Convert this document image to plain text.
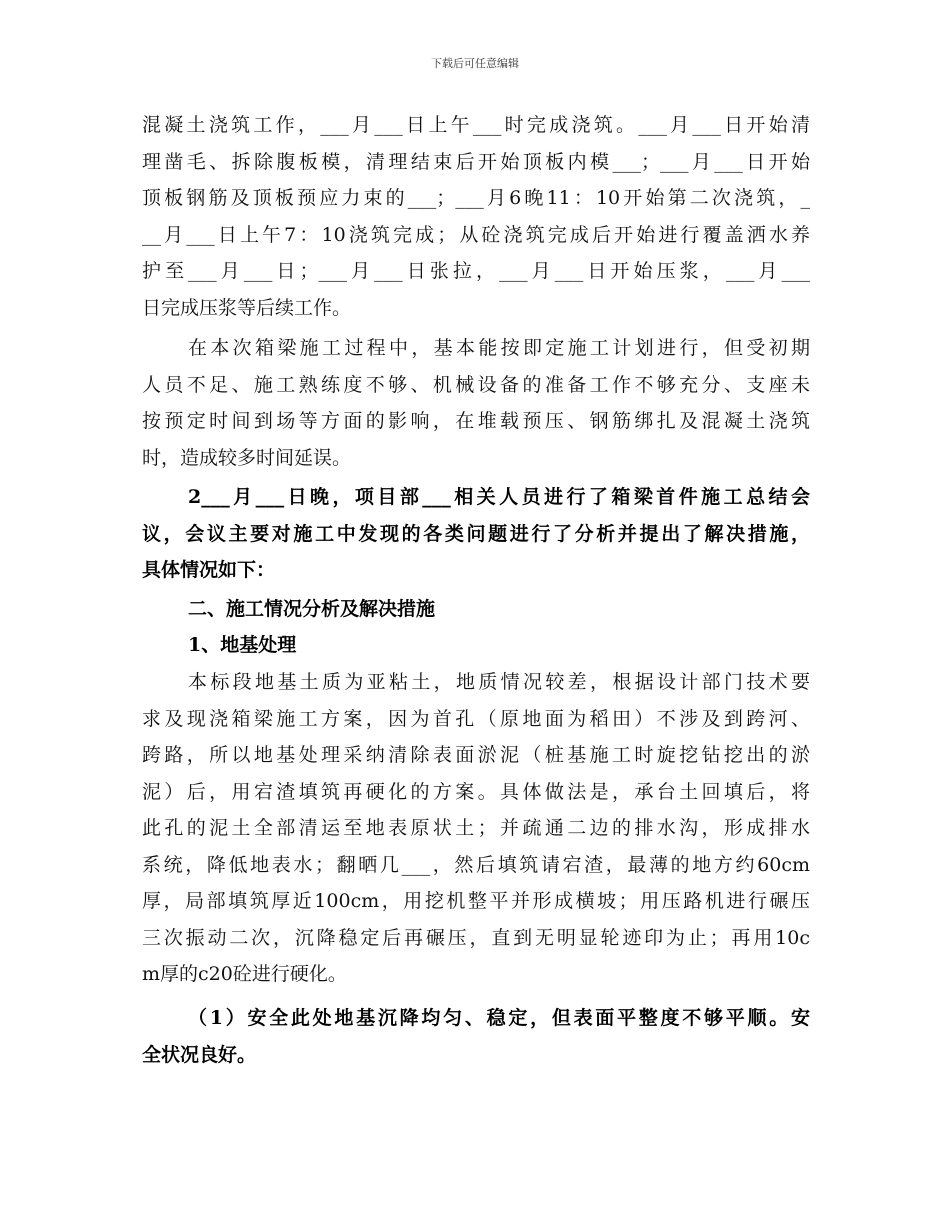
下载后可任意编辑
混凝土浇筑工作，___月___日上午___时完成浇筑。___月___日开始清
理凿毛、拆除腹板模，清理结束后开始顶板内模___；___月___日开始
顶板钢筋及顶板预应力束的___；___月6晚11：10开始第二次浇筑，_
__月___日上午7：10浇筑完成；从砼浇筑完成后开始进行覆盖洒水养
护至___月___日；___月___日张拉，___月___日开始压浆，___月___
日完成压浆等后续工作。
在本次箱梁施工过程中，基本能按即定施工计划进行，但受初期
人员不足、施工熟练度不够、机械设备的准备工作不够充分、支座未
按预定时间到场等方面的影响，在堆载预压、钢筋绑扎及混凝土浇筑
时，造成较多时间延误。
2___月___日晚，项目部___相关人员进行了箱梁首件施工总结会
议，会议主要对施工中发现的各类问题进行了分析并提出了解决措施，
具体情况如下：
二、施工情况分析及解决措施
1、地基处理
本标段地基土质为亚粘土，地质情况较差，根据设计部门技术要
求及现浇箱梁施工方案，因为首孔（原地面为稻田）不涉及到跨河、
跨路，所以地基处理采纳清除表面淤泥（桩基施工时旋挖钻挖出的淤
泥）后，用宕渣填筑再硬化的方案。具体做法是，承台土回填后，将
此孔的泥土全部清运至地表原状土；并疏通二边的排水沟，形成排水
系统，降低地表水；翻晒几___，然后填筑请宕渣，最薄的地方约60cm
厚，局部填筑厚近100cm，用挖机整平并形成横坡；用压路机进行碾压
三次振动二次，沉降稳定后再碾压，直到无明显轮迹印为止；再用10c
m厚的c20砼进行硬化。
（1）安全此处地基沉降均匀、稳定，但表面平整度不够平顺。安
全状况良好。
